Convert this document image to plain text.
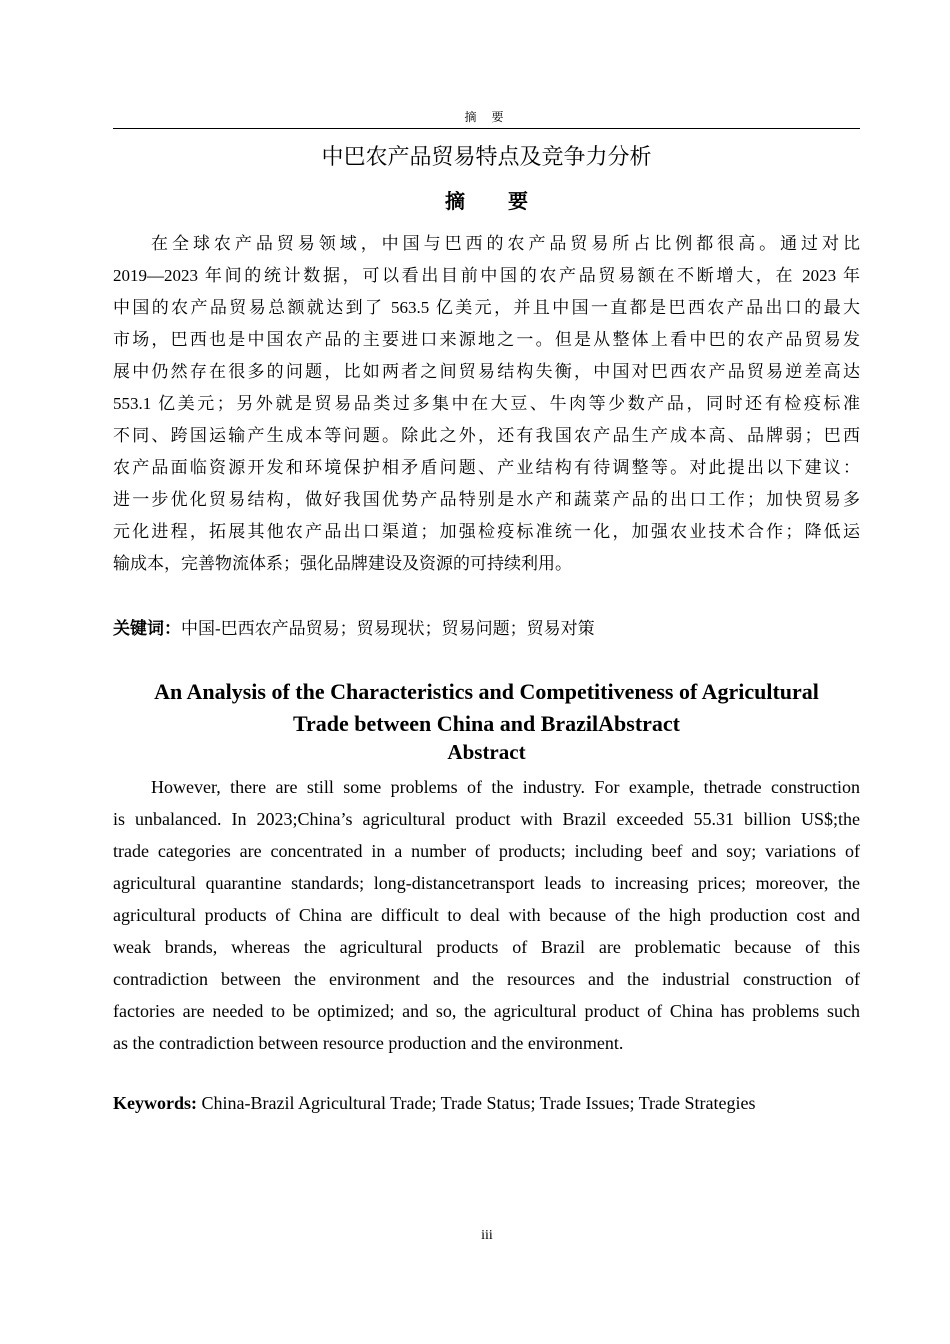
摘 要
中巴农产品贸易特点及竞争力分析
摘 要
在全球农产品贸易领域，中国与巴西的农产品贸易所占比例都很高。通过对比
2019—2023 年间的统计数据，可以看出目前中国的农产品贸易额在不断增大，在 2023 年
中国的农产品贸易总额就达到了 563.5 亿美元，并且中国一直都是巴西农产品出口的最大
市场，巴西也是中国农产品的主要进口来源地之一。但是从整体上看中巴的农产品贸易发
展中仍然存在很多的问题，比如两者之间贸易结构失衡，中国对巴西农产品贸易逆差高达
553.1 亿美元；另外就是贸易品类过多集中在大豆、牛肉等少数产品，同时还有检疫标准
不同、跨国运输产生成本等问题。除此之外，还有我国农产品生产成本高、品牌弱；巴西
农产品面临资源开发和环境保护相矛盾问题、产业结构有待调整等。对此提出以下建议：
进一步优化贸易结构，做好我国优势产品特别是水产和蔬菜产品的出口工作；加快贸易多
元化进程，拓展其他农产品出口渠道；加强检疫标准统一化，加强农业技术合作；降低运
输成本，完善物流体系；强化品牌建设及资源的可持续利用。
关键词：中国-巴西农产品贸易；贸易现状；贸易问题；贸易对策
An Analysis of the Characteristics and Competitiveness of Agricultural
Trade between China and BrazilAbstract
Abstract
However, there are still some problems of the industry. For example, thetrade construction
is unbalanced. In 2023;China’s agricultural product with Brazil exceeded 55.31 billion US$;the
trade categories are concentrated in a number of products; including beef and soy; variations of
agricultural quarantine standards; long-distancetransport leads to increasing prices; moreover, the
agricultural products of China are difficult to deal with because of the high production cost and
weak brands, whereas the agricultural products of Brazil are problematic because of this
contradiction between the environment and the resources and the industrial construction of
factories are needed to be optimized; and so, the agricultural product of China has problems such
as the contradiction between resource production and the environment.
Keywords: China-Brazil Agricultural Trade; Trade Status; Trade Issues; Trade Strategies
iii
